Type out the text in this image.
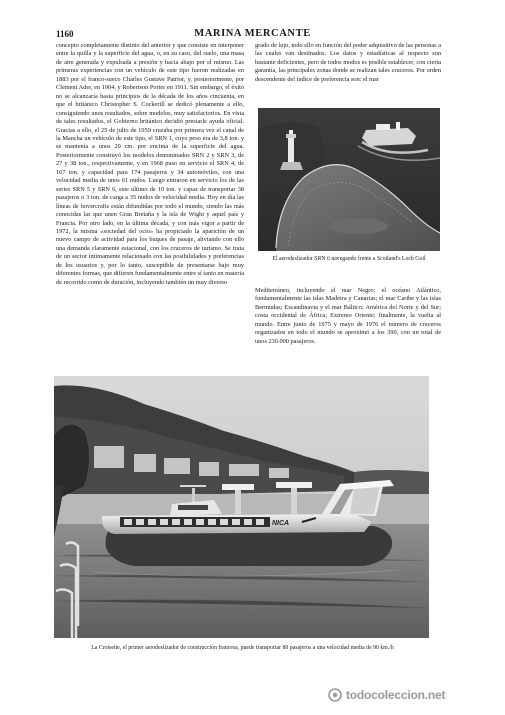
1160	MARINA MERCANTE
concepto completamente distinto del anterior y que consiste en interponer entre la quilla y la superficie del agua, o, en su caso, del suelo, una masa de aire generada y expulsada a presión y hacia abajo por el mismo. Las primeras experiencias con un vehículo de este tipo fueron realizadas en 1883 por el franco-sueco Charles Gustave Patrior, y, posteriormente, por Clement Ader, en 1904, y Robertson Porter en 1911. Sin embargo, el éxito no se alcanzaría hasta principios de la década de los años cincuenta, en que el británico Christopher S. Cockerill se dedicó plenamente a ello, consiguiendo unos resultados, sobre modelos, muy satisfactorios. En vista de tales resultados, el Gobierno británico decidió prestarle ayuda oficial. Gracias a ello, el 25 de julio de 1959 cruzaba por primera vez el canal de la Mancha un vehículo de este tipo, el SRN 1, cuyo peso era de 3,8 ton. y se mantenía a unos 20 cm. por encima de la superficie del agua. Posteriormente construyó los modelos denominados SRN 2 y SRN 3, de 27 y 38 ton., respectivamente, y en 1968 puso en servicio el SRN 4, de 167 ton. y capacidad para 174 pasajeros y 34 automóviles, con una velocidad media de unos 61 nudos. Luego entraron en servicio los de las series SRN 5 y SRN 6, este último de 10 ton. y capaz de transportar 38 pasajeros o 3 ton. de carga a 35 nudos de velocidad media. Hoy en día las líneas de hovercrafts están difundidas por todo el mundo, siendo las más conocidas las que unen Gran Bretaña y la isla de Wight y aquel país y Francia. Por otro lado, en la última década, y con más vigor a partir de 1972, la misma «sociedad del ocio» ha propiciado la aparición de un nuevo campo de actividad para los buques de pasaje, aliviando con ello una demanda claramente estacional, con los cruceros de turismo. Se trata de un sector íntimamente relacionado con las posibilidades y preferencias de los usuarios y, por lo tanto, susceptible de presentarse bajo muy diferentes formas, que difieren fundamentalmente entre sí tanto en materia de recorrido como de duración, incluyendo también un muy diverso
grado de lujo, todo ello en función del poder adquisitivo de las personas a las cuales van destinados. Los datos y estadísticas al respecto son bastante deficientes, pero de todos modos es posible establecer, con cierta garantía, las principales zonas donde se realizan tales cruceros. Por orden descendente del índice de preferencia son: el mar
El aerodeslizador SRN 6 navegando frente a Scotland's Loch Goil
Mediterráneo, incluyendo el mar Negro; el océano Atlántico, fundamentalmente las islas Madeira y Canarias; el mar Caribe y las islas Bermudas; Escandinavia y el mar Báltico; América del Norte y del Sur; costa occidental de África; Extremo Oriente; finalmente, la vuelta al mundo. Entre junio de 1975 y mayo de 1976 el número de cruceros organizados en todo el mundo se aproximó a los 390, con un total de unos 230.000 pasajeros.
NICA
La Croisette, el primer aerodeslizador de construcción francesa, puede transportar 80 pasajeros a una velocidad media de 90 km./h
todocoleccion.net
